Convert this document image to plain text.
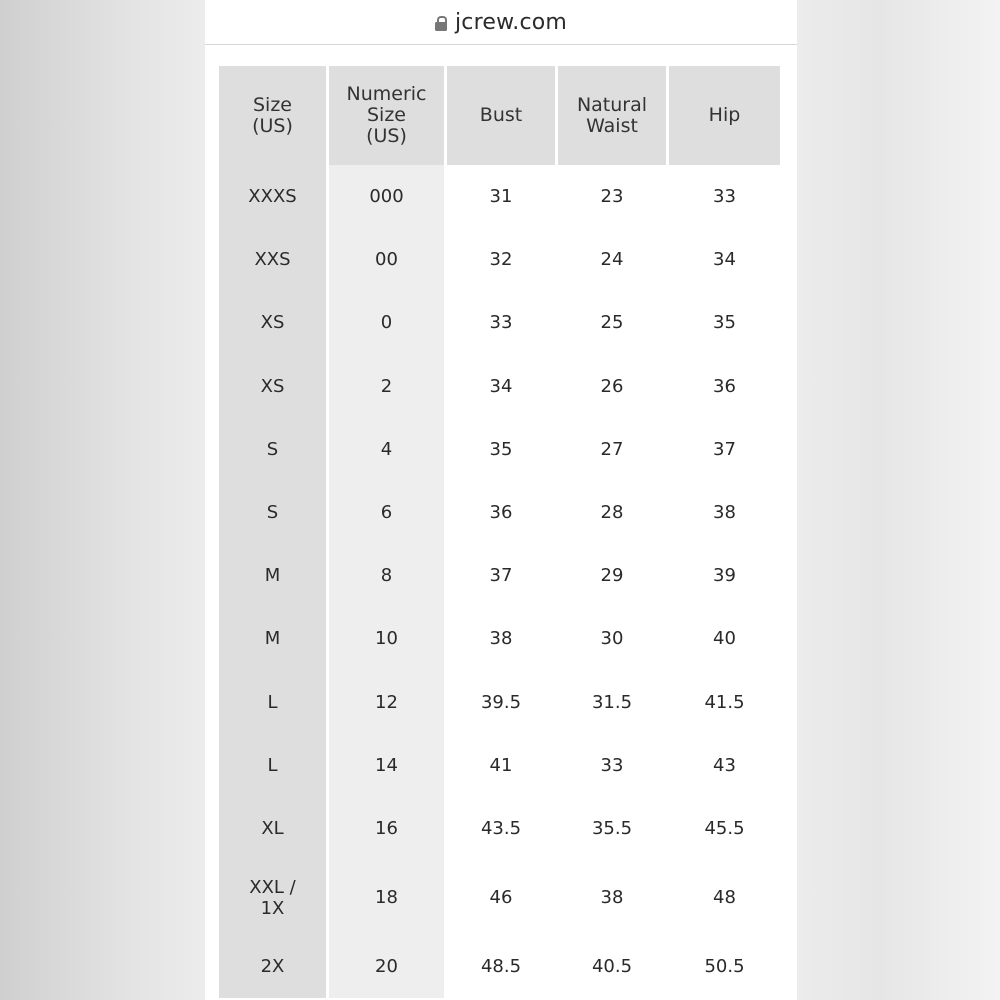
jcrew.com
Size
(US)	Numeric
Size
(US)	Bust	Natural
Waist	Hip

XXXS	000	31	23	33
XXS	00	32	24	34
XS	0	33	25	35
XS	2	34	26	36
S	4	35	27	37
S	6	36	28	38
M	8	37	29	39
M	10	38	30	40
L	12	39.5	31.5	41.5
L	14	41	33	43
XL	16	43.5	35.5	45.5

XXL /
1X	18	46	38	48
2X	20	48.5	40.5	50.5
